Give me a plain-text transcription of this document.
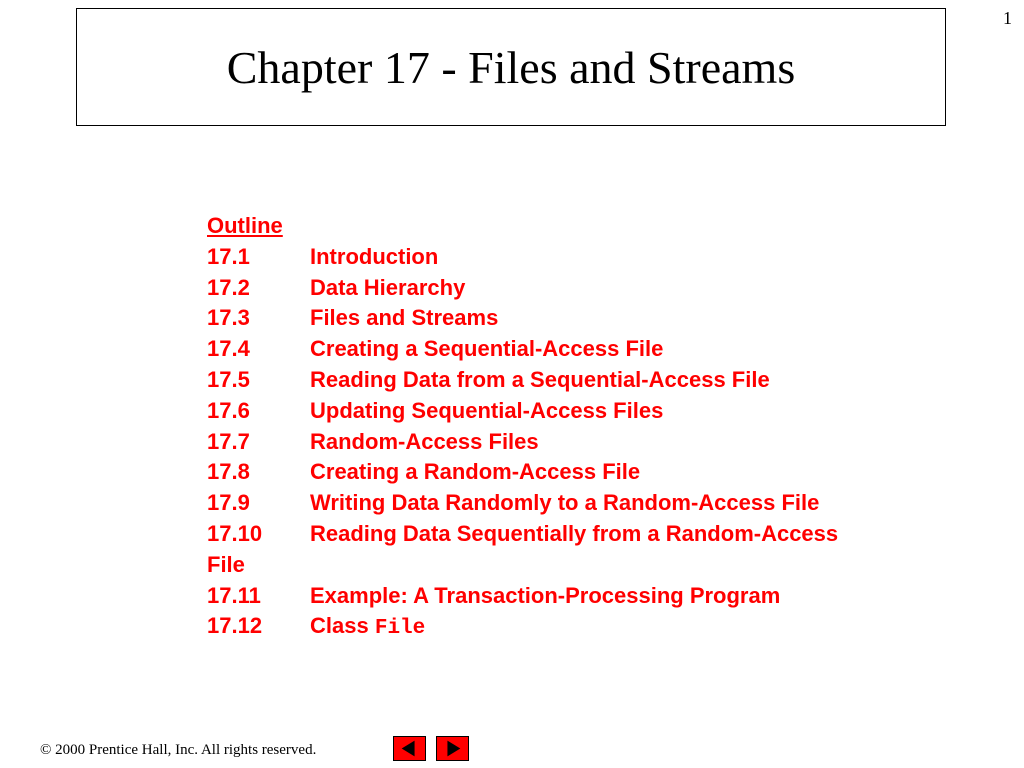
1
Chapter 17 - Files and Streams
Outline
17.1	Introduction
17.2	Data Hierarchy
17.3	Files and Streams
17.4	Creating a Sequential-Access File
17.5	Reading Data from a Sequential-Access File
17.6	Updating Sequential-Access Files
17.7	Random-Access Files
17.8	Creating a Random-Access File
17.9	Writing Data Randomly to a Random-Access File
17.10	Reading Data Sequentially from a Random-Access
File
17.11	Example: A Transaction-Processing Program
17.12	Class File
© 2000 Prentice Hall, Inc. All rights reserved.
